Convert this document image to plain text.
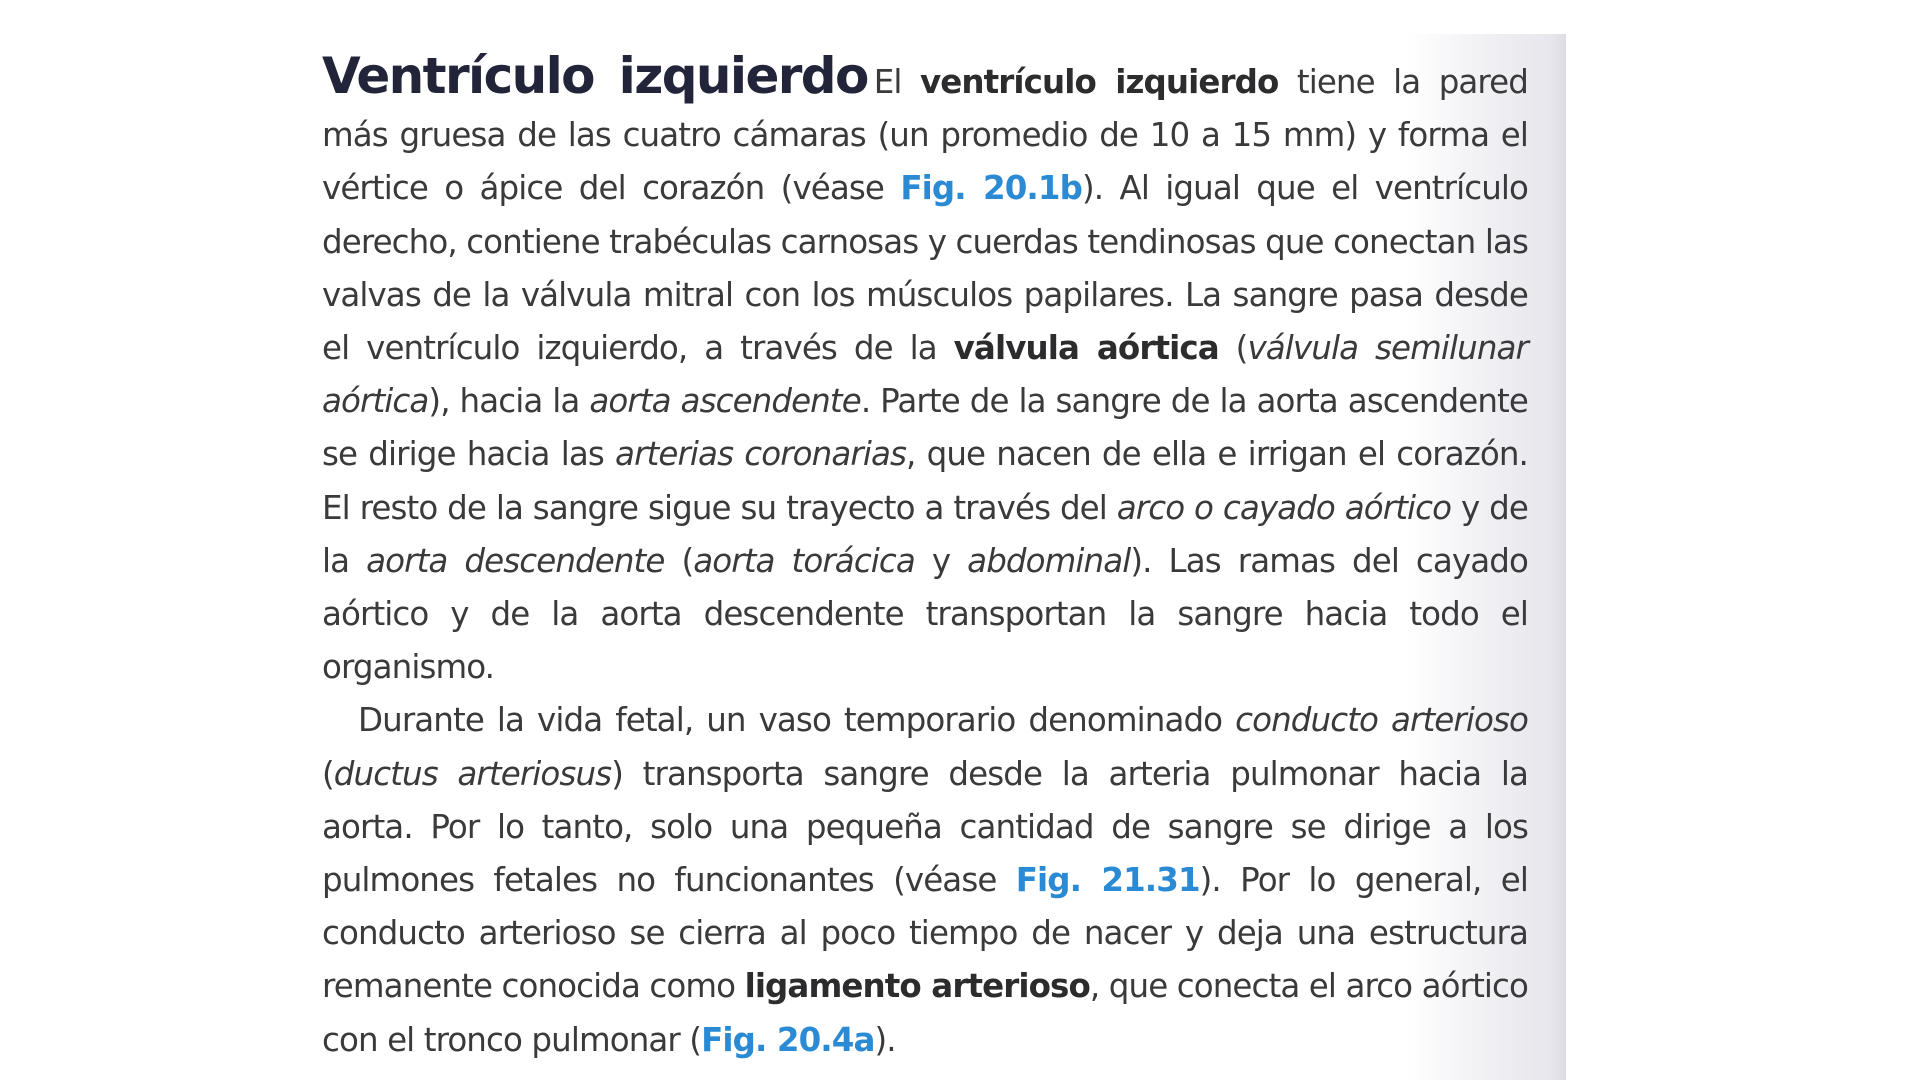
Ventrículo izquierdo El ventrículo izquierdo tiene la pared más gruesa de las cuatro cámaras (un promedio de 10 a 15 mm) y forma el vértice o ápice del corazón (véase Fig. 20.1b). Al igual que el ventrículo derecho, contiene trabéculas carnosas y cuerdas tendinosas que conectan las valvas de la válvula mitral con los músculos papilares. La sangre pasa desde el ventrículo izquierdo, a través de la válvula aórtica (válvula semilunar aórtica), hacia la aorta ascendente. Parte de la sangre de la aorta ascendente se dirige hacia las arterias coronarias, que nacen de ella e irrigan el corazón. El resto de la sangre sigue su trayecto a través del arco o cayado aórtico y de la aorta descendente (aorta torácica y abdominal). Las ramas del cayado aórtico y de la aorta descendente transportan la sangre hacia todo el organismo.

Durante la vida fetal, un vaso temporario denominado conducto arterioso (ductus arteriosus) transporta sangre desde la arteria pulmonar hacia la aorta. Por lo tanto, solo una pequeña cantidad de sangre se dirige a los pulmones fetales no funcionantes (véase Fig. 21.31). Por lo general, el conducto arterioso se cierra al poco tiempo de nacer y deja una estructura remanente conocida como ligamento arterioso, que conecta el arco aórtico con el tronco pulmonar (Fig. 20.4a).
